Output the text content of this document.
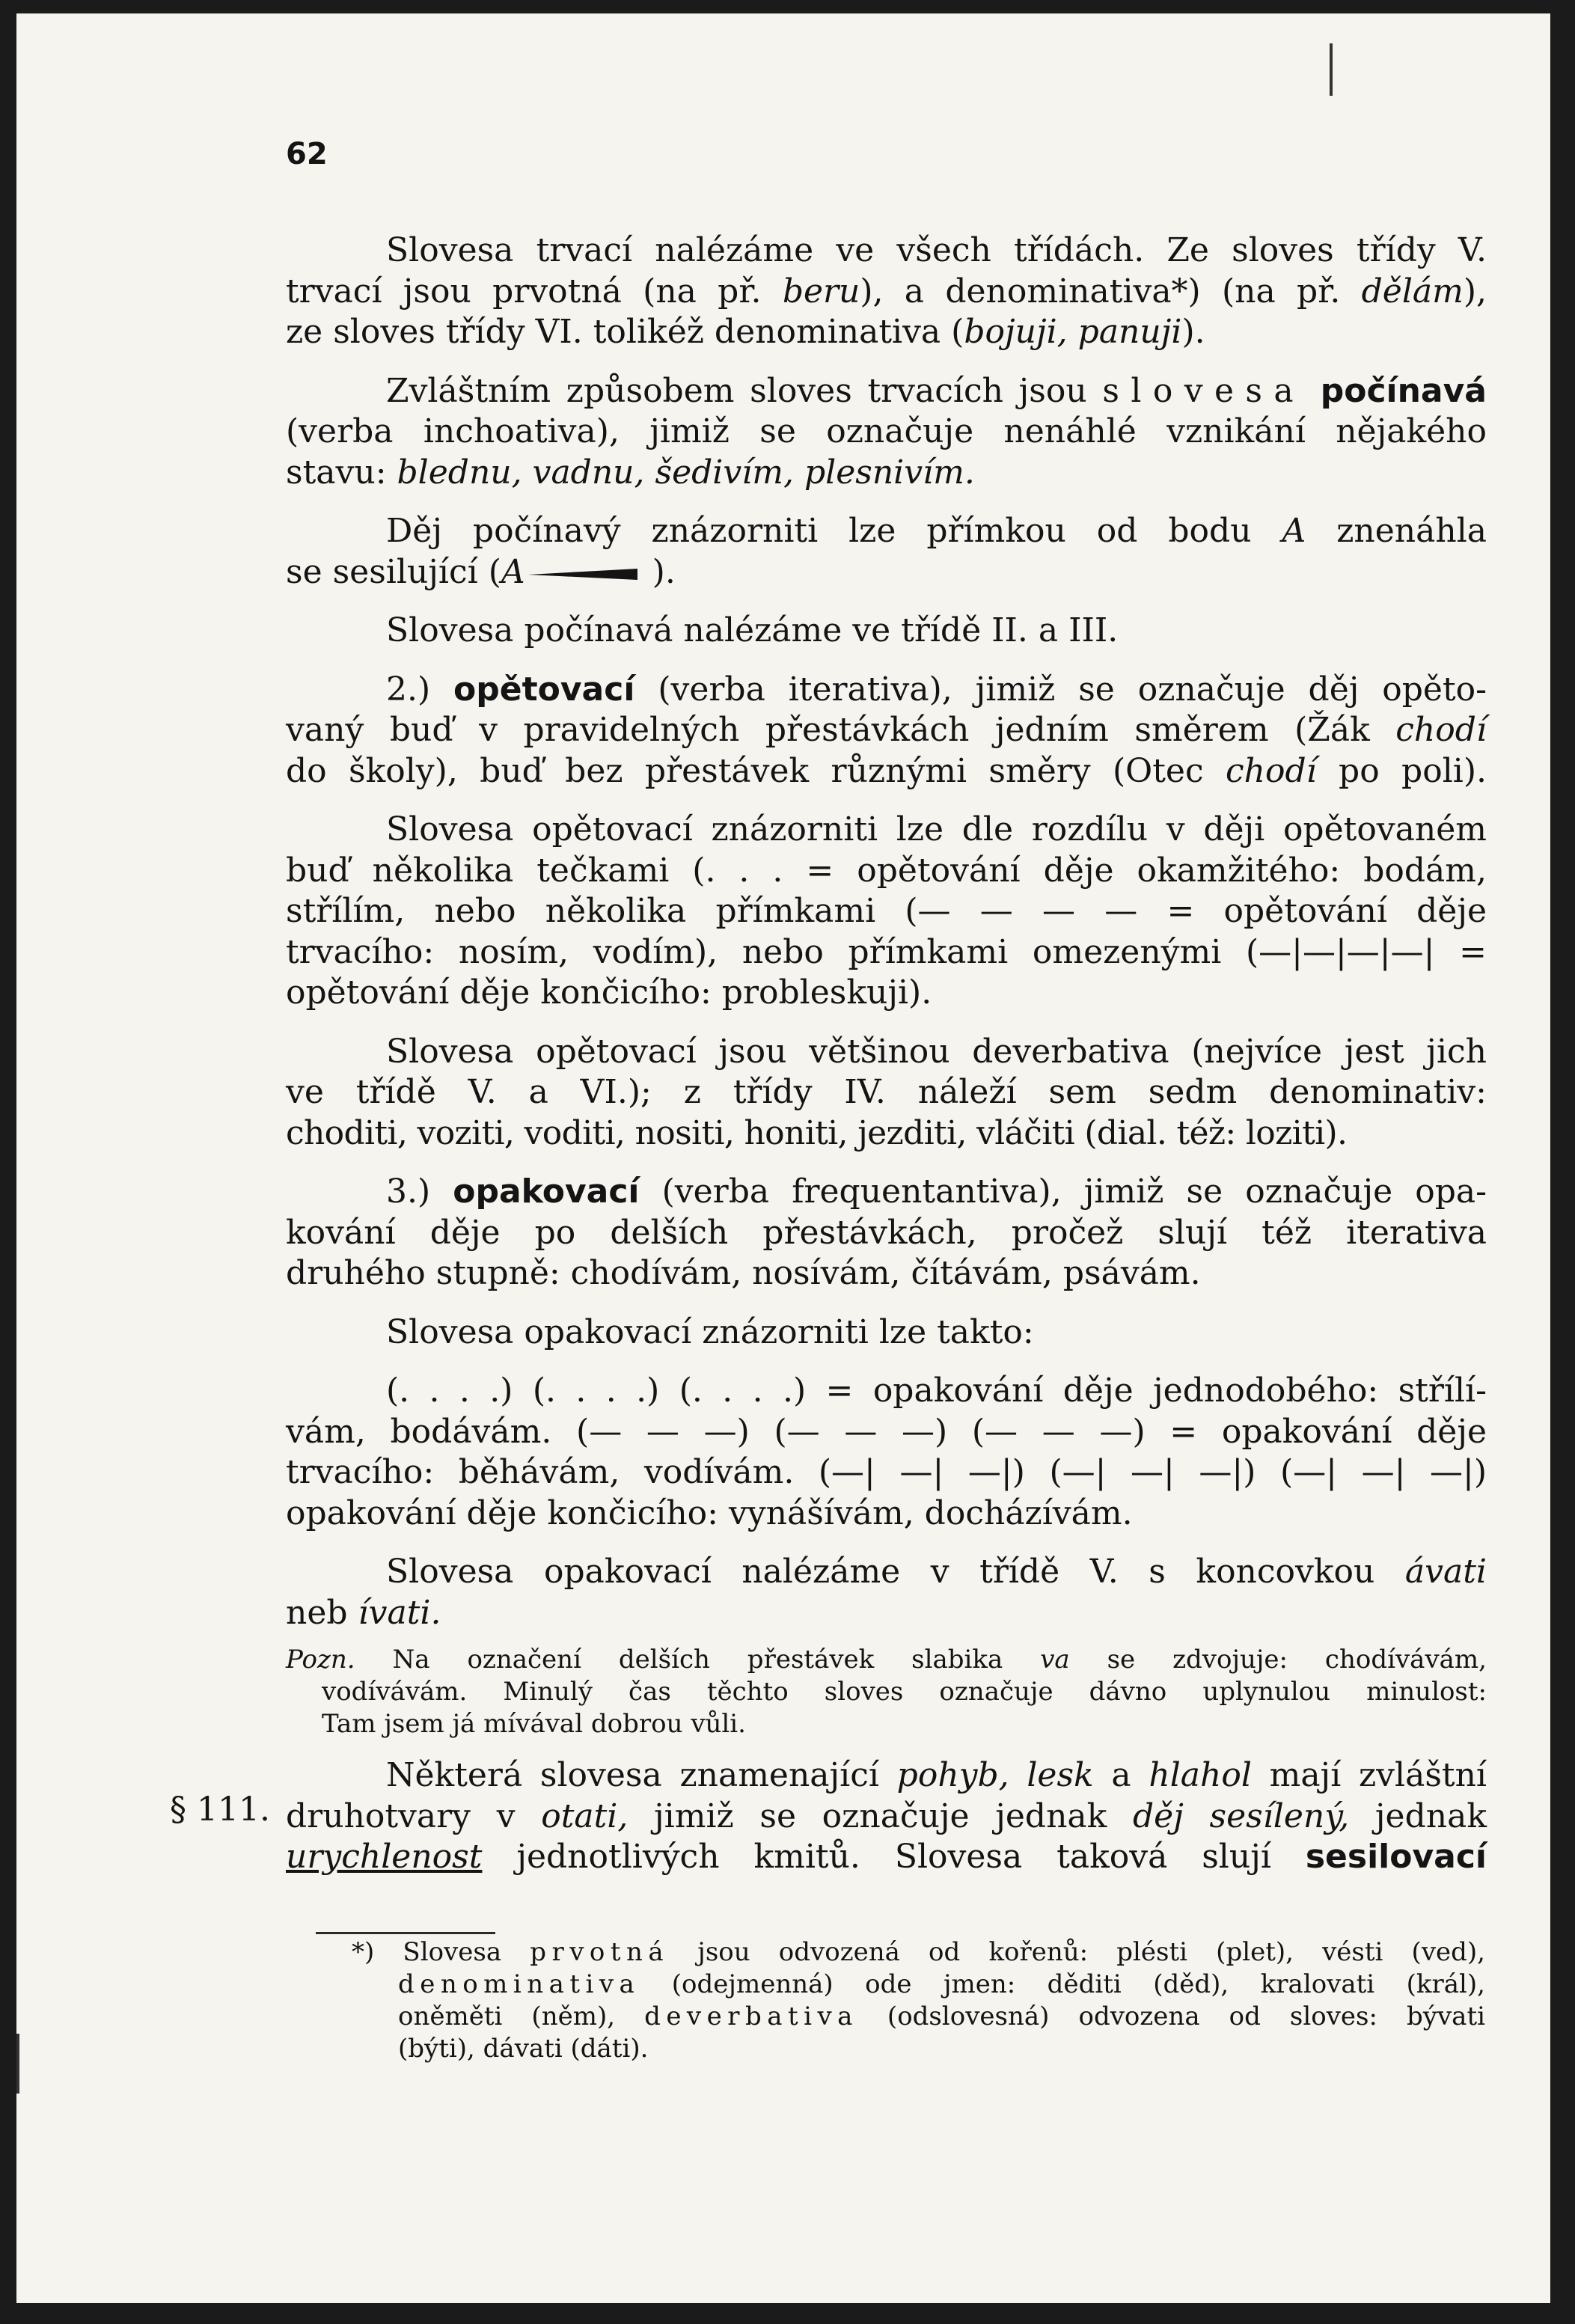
62
§ 111.
Slovesa trvací nalézáme ve všech třídách. Ze sloves třídy V.
trvací jsou prvotná (na př. beru), a denominativa*) (na př. dělám),
ze sloves třídy VI. tolikéž denominativa (bojuji, panuji).
Zvláštním způsobem sloves trvacích jsou slovesa počínavá
(verba inchoativa), jimiž se označuje nenáhlé vznikání nějakého
stavu: blednu, vadnu, šedivím, plesnivím.
Děj počínavý znázorniti lze přímkou od bodu A znenáhla
se sesilující (A	).
Slovesa počínavá nalézáme ve třídě II. a III.
2.) opětovací (verba iterativa), jimiž se označuje děj opěto-
vaný buď v pravidelných přestávkách jedním směrem (Žák chodí
do školy), buď bez přestávek různými směry (Otec chodí po poli).
Slovesa opětovací znázorniti lze dle rozdílu v ději opětovaném
buď několika tečkami (. . . = opětování děje okamžitého: bodám,
střílím, nebo několika přímkami (— — — — = opětování děje
trvacího: nosím, vodím), nebo přímkami omezenými (—|—|—|—| =
opětování děje končicího: probleskuji).
Slovesa opětovací jsou většinou deverbativa (nejvíce jest jich
ve třídě V. a VI.); z třídy IV. náleží sem sedm denominativ:
choditi, voziti, voditi, nositi, honiti, jezditi, vláčiti (dial. též: loziti).
3.) opakovací (verba frequentantiva), jimiž se označuje opa-
kování děje po delších přestávkách, pročež slují též iterativa
druhého stupně: chodívám, nosívám, čítávám, psávám.
Slovesa opakovací znázorniti lze takto:
(. . . .) (. . . .) (. . . .) = opakování děje jednodobého: střílí-
vám, bodávám. (— — —) (— — —) (— — —) = opakování děje
trvacího: běhávám, vodívám. (—| —| —|) (—| —| —|) (—| —| —|)
opakování děje končicího: vynášívám, docházívám.
Slovesa opakovací nalézáme v třídě V. s koncovkou ávati
neb ívati.
Pozn. Na označení delších přestávek slabika va se zdvojuje: chodívávám,
vodívávám. Minulý čas těchto sloves označuje dávno uplynulou minulost:
Tam jsem já mívával dobrou vůli.
Některá slovesa znamenající pohyb, lesk a hlahol mají zvláštní
druhotvary v otati, jimiž se označuje jednak děj sesílený, jednak
urychlenost jednotlivých kmitů. Slovesa taková slují sesilovací
*) Slovesa prvotná jsou odvozená od kořenů: plésti (plet), vésti (ved),
denominativa (odejmenná) ode jmen: děditi (děd), kralovati (král),
oněměti (něm), deverbativa (odslovesná) odvozena od sloves: bývati
(býti), dávati (dáti).
